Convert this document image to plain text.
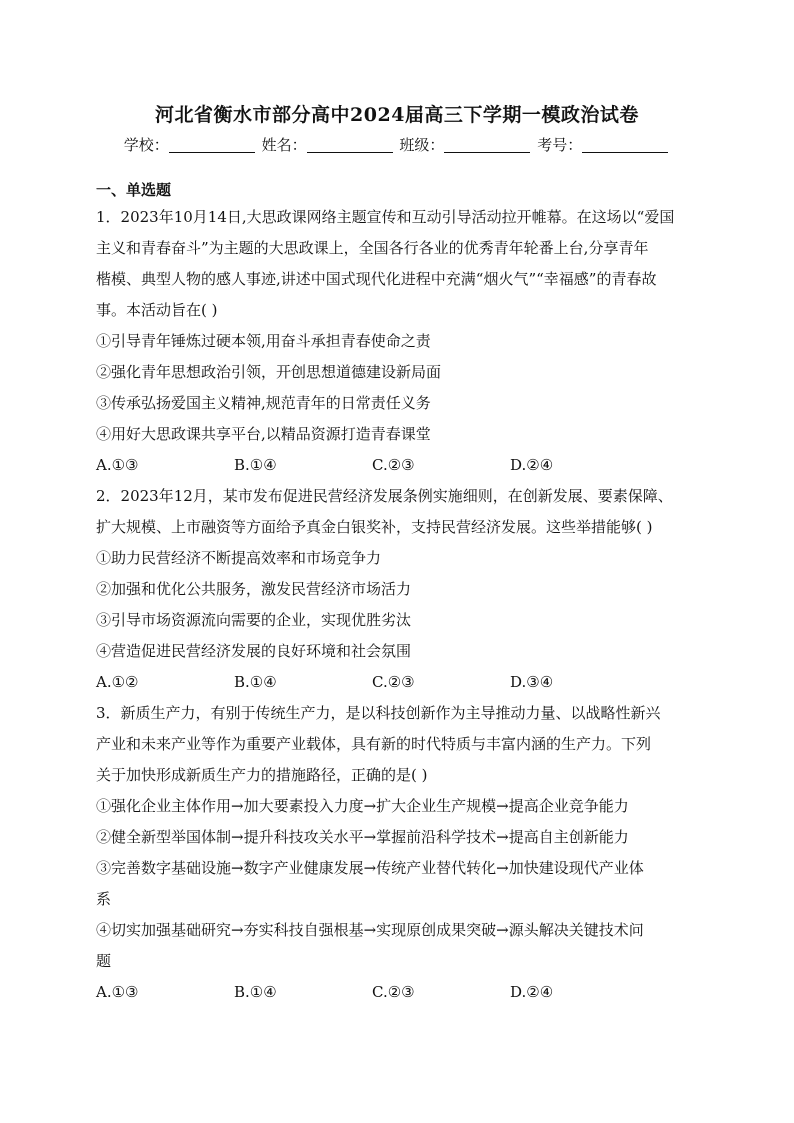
河北省衡水市部分高中2024届高三下学期一模政治试卷
学校：	姓名：	班级：	考号：
一、单选题
1．2023年10月14日,大思政课网络主题宣传和互动引导活动拉开帷幕。在这场以“爱国
主义和青春奋斗”为主题的大思政课上，全国各行各业的优秀青年轮番上台,分享青年
楷模、典型人物的感人事迹,讲述中国式现代化进程中充满“烟火气”“幸福感”的青春故
事。本活动旨在( )
①引导青年锤炼过硬本领,用奋斗承担青春使命之责
②强化青年思想政治引领，开创思想道德建设新局面
③传承弘扬爱国主义精神,规范青年的日常责任义务
④用好大思政课共享平台,以精品资源打造青春课堂
A.①③	B.①④	C.②③	D.②④
2．2023年12月，某市发布促进民营经济发展条例实施细则，在创新发展、要素保障、
扩大规模、上市融资等方面给予真金白银奖补，支持民营经济发展。这些举措能够( )
①助力民营经济不断提高效率和市场竞争力
②加强和优化公共服务，激发民营经济市场活力
③引导市场资源流向需要的企业，实现优胜劣汰
④营造促进民营经济发展的良好环境和社会氛围
A.①②	B.①④	C.②③	D.③④
3．新质生产力，有别于传统生产力，是以科技创新作为主导推动力量、以战略性新兴
产业和未来产业等作为重要产业载体，具有新的时代特质与丰富内涵的生产力。下列
关于加快形成新质生产力的措施路径，正确的是( )
①强化企业主体作用→加大要素投入力度→扩大企业生产规模→提高企业竞争能力
②健全新型举国体制→提升科技攻关水平→掌握前沿科学技术→提高自主创新能力
③完善数字基础设施→数字产业健康发展→传统产业替代转化→加快建设现代产业体
系
④切实加强基础研究→夯实科技自强根基→实现原创成果突破→源头解决关键技术问
题
A.①③	B.①④	C.②③	D.②④
